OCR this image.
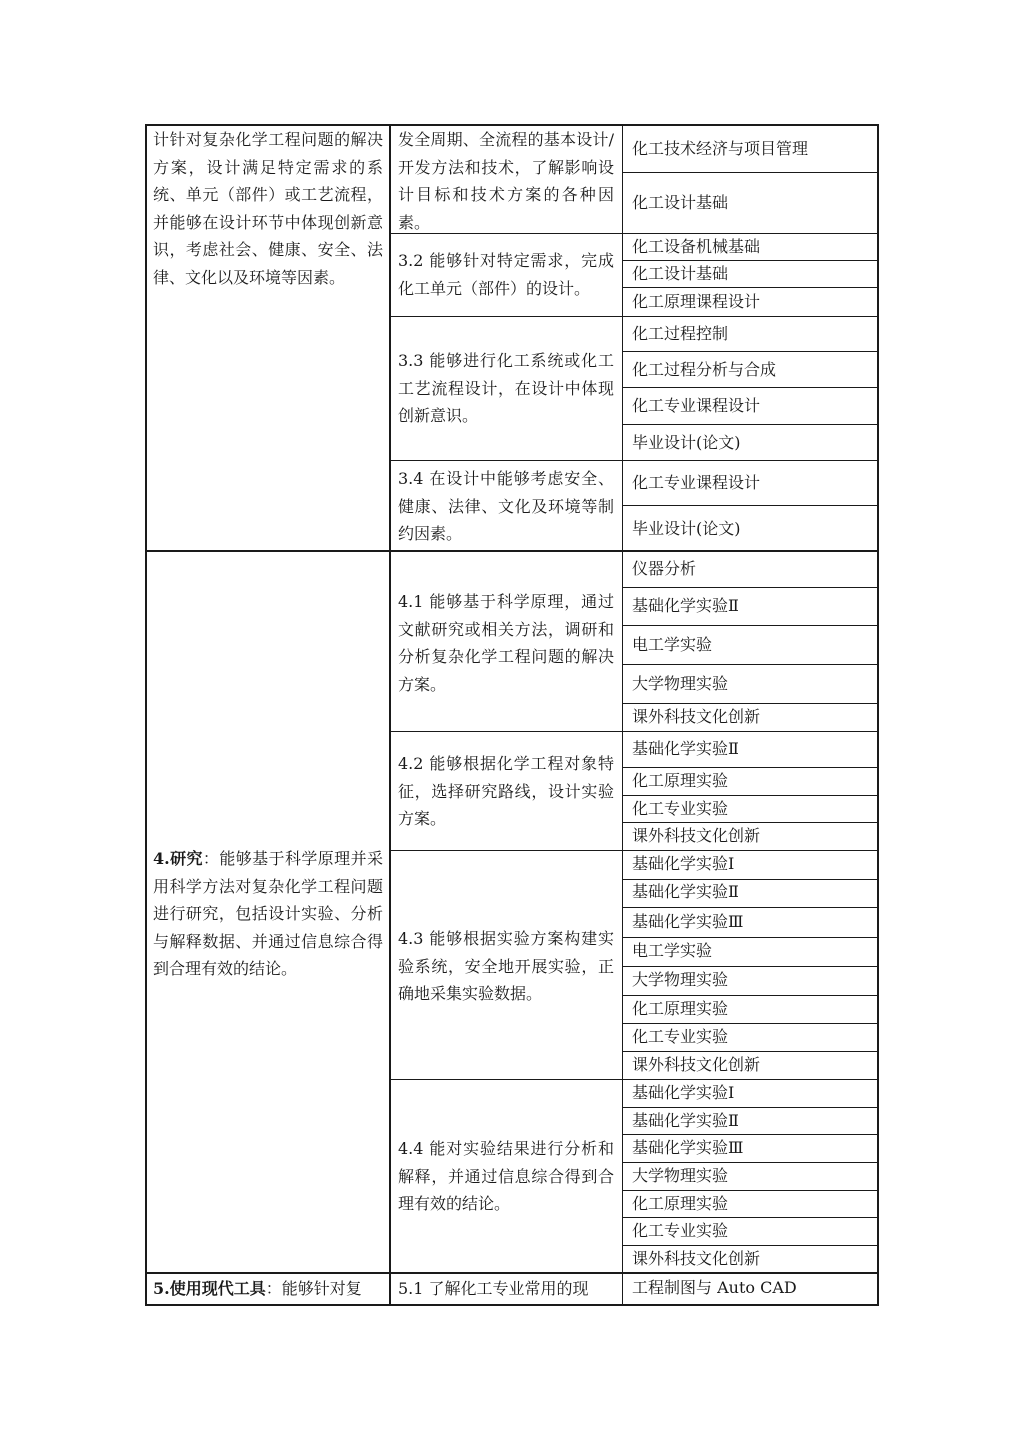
计针对复杂化学工程问题的解决方案，设计满足特定需求的系统、单元（部件）或工艺流程，并能够在设计环节中体现创新意识，考虑社会、健康、安全、法律、文化以及环境等因素。
4.研究：能够基于科学原理并采用科学方法对复杂化学工程问题进行研究，包括设计实验、分析与解释数据、并通过信息综合得到合理有效的结论。
5.使用现代工具：能够针对复
发全周期、全流程的基本设计/开发方法和技术，了解影响设计目标和技术方案的各种因素。
3.2 能够针对特定需求，完成化工单元（部件）的设计。
3.3 能够进行化工系统或化工工艺流程设计，在设计中体现创新意识。
3.4 在设计中能够考虑安全、健康、法律、文化及环境等制约因素。
4.1 能够基于科学原理，通过文献研究或相关方法，调研和分析复杂化学工程问题的解决方案。
4.2 能够根据化学工程对象特征，选择研究路线，设计实验方案。
4.3 能够根据实验方案构建实验系统，安全地开展实验，正确地采集实验数据。
4.4 能对实验结果进行分析和解释，并通过信息综合得到合理有效的结论。
5.1 了解化工专业常用的现
化工技术经济与项目管理
化工设计基础
化工设备机械基础
化工设计基础
化工原理课程设计
化工过程控制
化工过程分析与合成
化工专业课程设计
毕业设计(论文)
化工专业课程设计
毕业设计(论文)
仪器分析
基础化学实验Ⅱ
电工学实验
大学物理实验
课外科技文化创新
基础化学实验Ⅱ
化工原理实验
化工专业实验
课外科技文化创新
基础化学实验Ⅰ
基础化学实验Ⅱ
基础化学实验Ⅲ
电工学实验
大学物理实验
化工原理实验
化工专业实验
课外科技文化创新
基础化学实验Ⅰ
基础化学实验Ⅱ
基础化学实验Ⅲ
大学物理实验
化工原理实验
化工专业实验
课外科技文化创新
工程制图与 Auto CAD
